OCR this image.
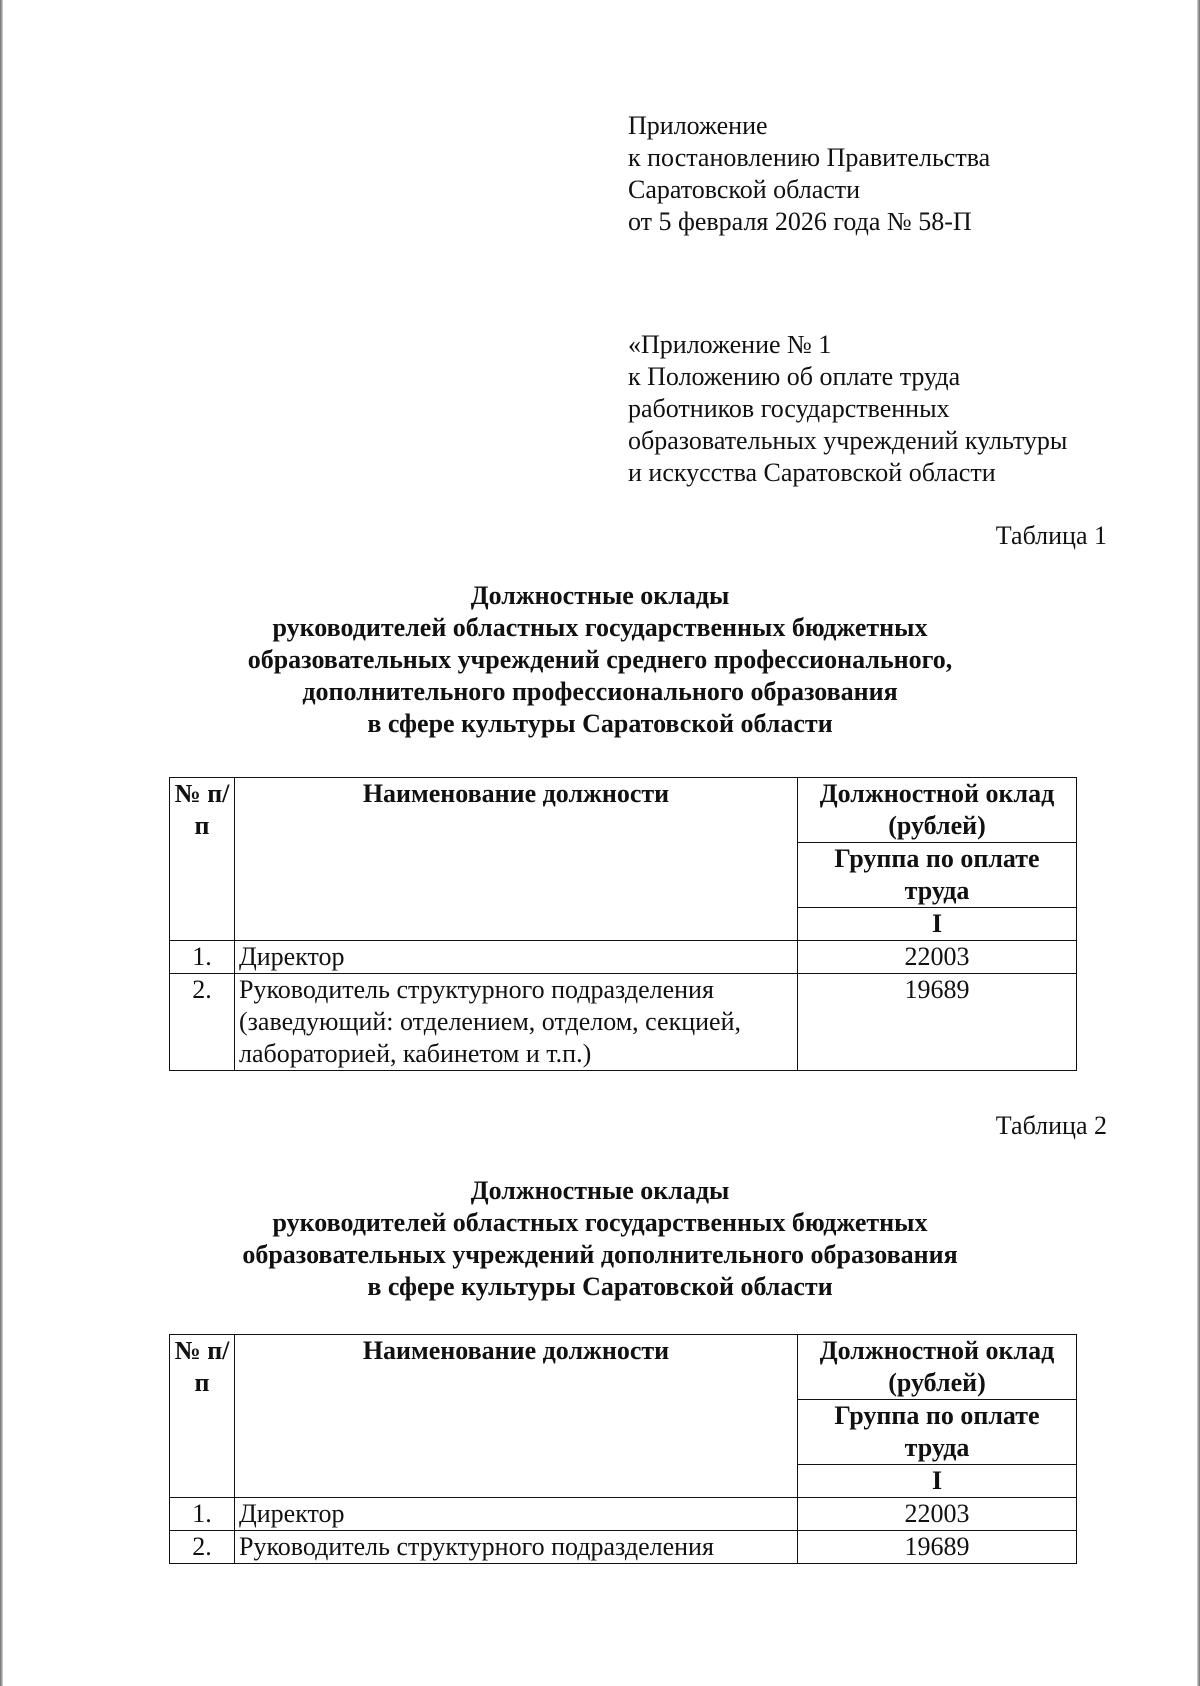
Приложение
к постановлению Правительства
Саратовской области
от 5 февраля 2026 года № 58-П
«Приложение № 1
к Положению об оплате труда
работников государственных
образовательных учреждений культуры
и искусства Саратовской области
Таблица 1
Должностные оклады
руководителей областных государственных бюджетных
образовательных учреждений среднего профессионального,
дополнительного профессионального образования
в сфере культуры Саратовской области
№ п/п	Наименование должности	Должностной оклад (рублей)
		Группа по оплате труда
		I
1.	Директор	22003
2.	Руководитель структурного подразделения (заведующий: отделением, отделом, секцией, лабораторией, кабинетом и т.п.)	19689
Таблица 2
Должностные оклады
руководителей областных государственных бюджетных
образовательных учреждений дополнительного образования
в сфере культуры Саратовской области
№ п/п	Наименование должности	Должностной оклад (рублей)
		Группа по оплате труда
		I
1.	Директор	22003
2.	Руководитель структурного подразделения	19689
